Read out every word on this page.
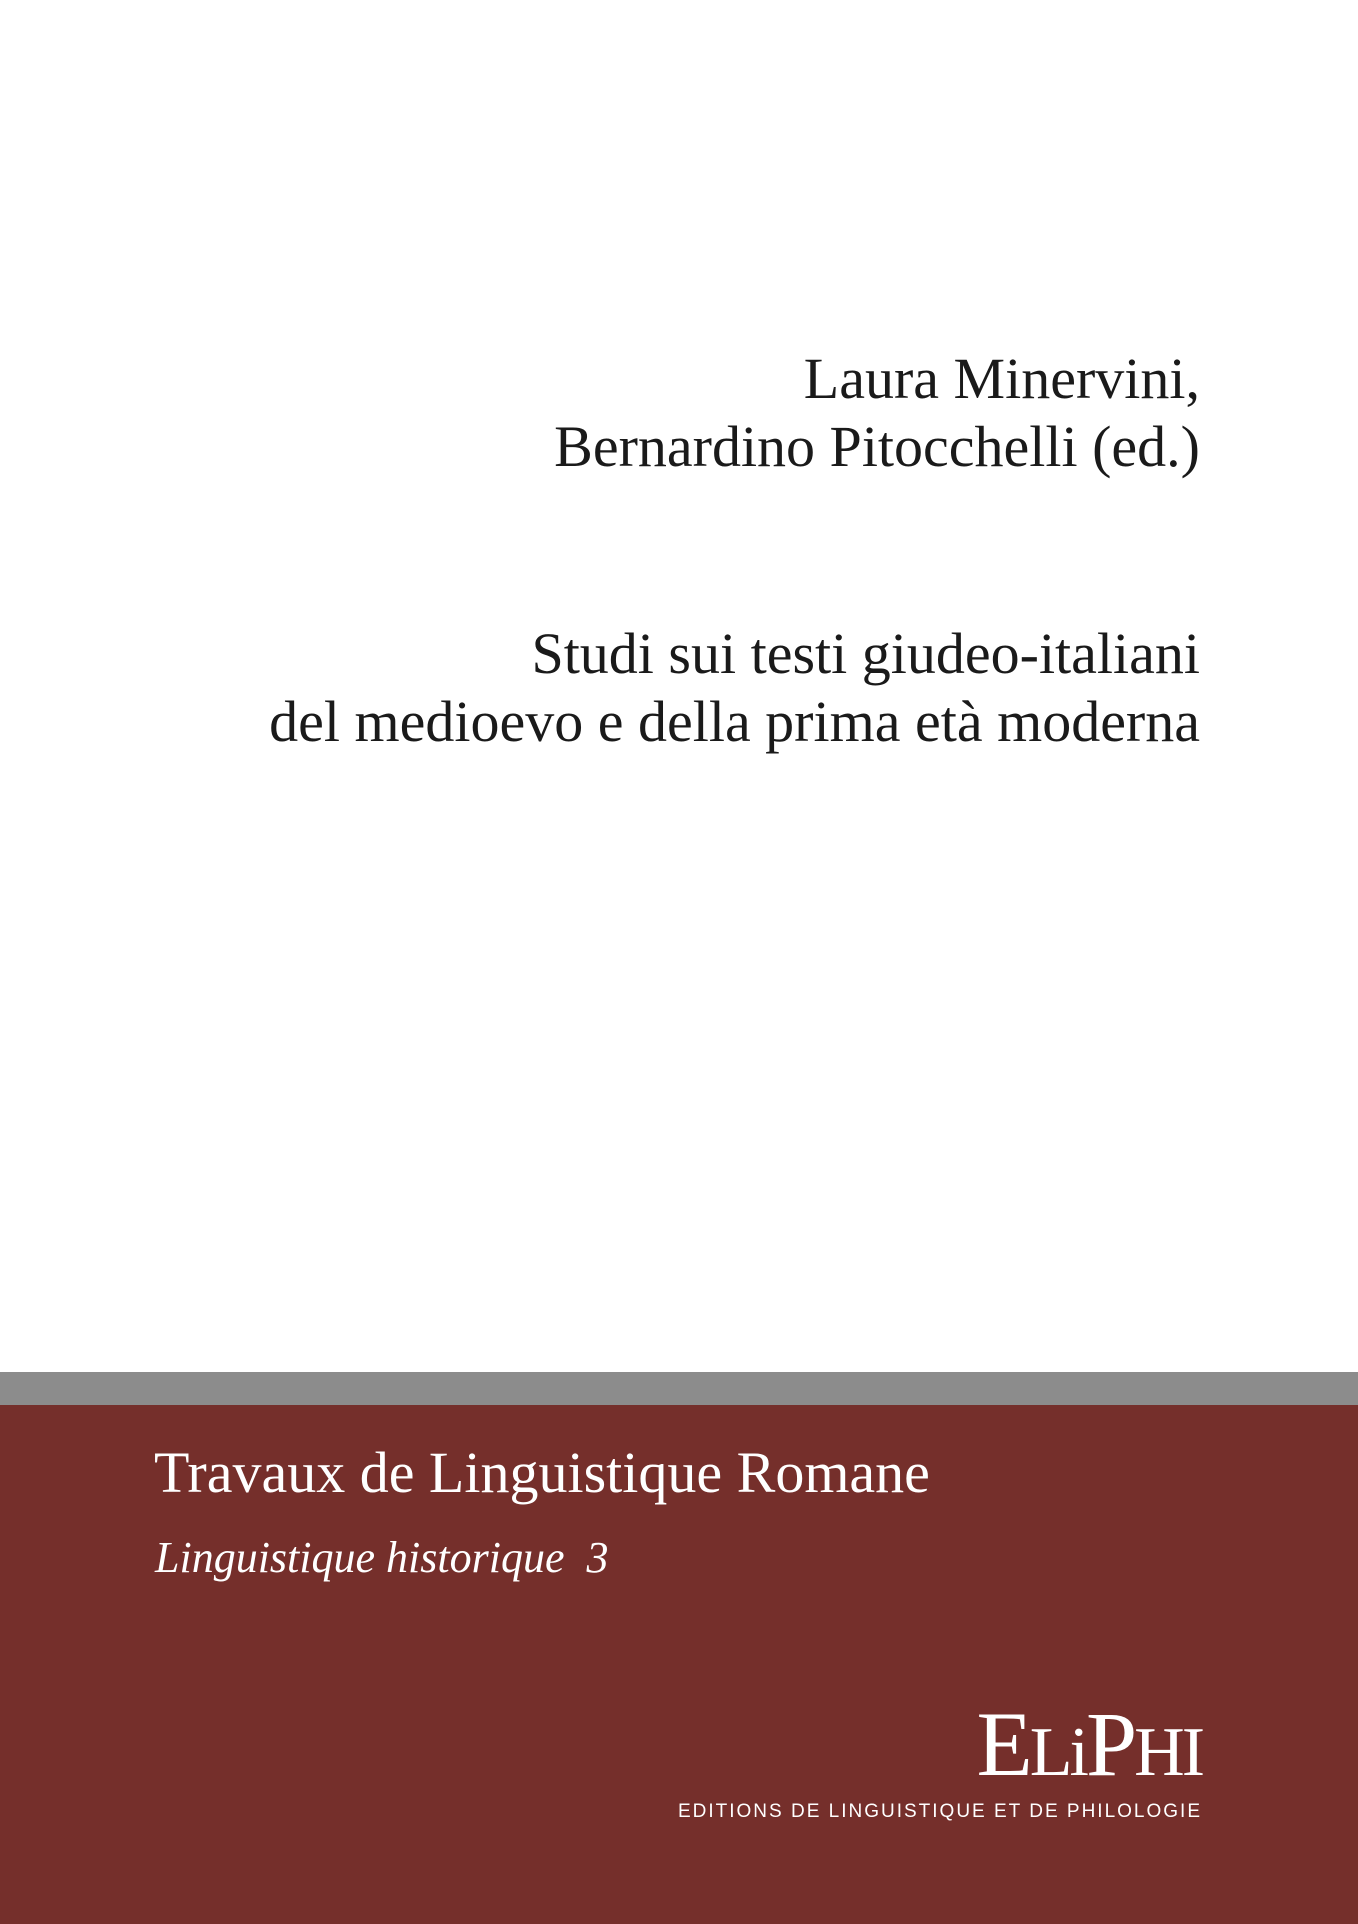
Laura Minervini,
Bernardino Pitocchelli (ed.)
Studi sui testi giudeo-italiani
del medioevo e della prima età moderna
Travaux de Linguistique Romane
Linguistique historique 3
ELiPHI
EDITIONS DE LINGUISTIQUE ET DE PHILOLOGIE
